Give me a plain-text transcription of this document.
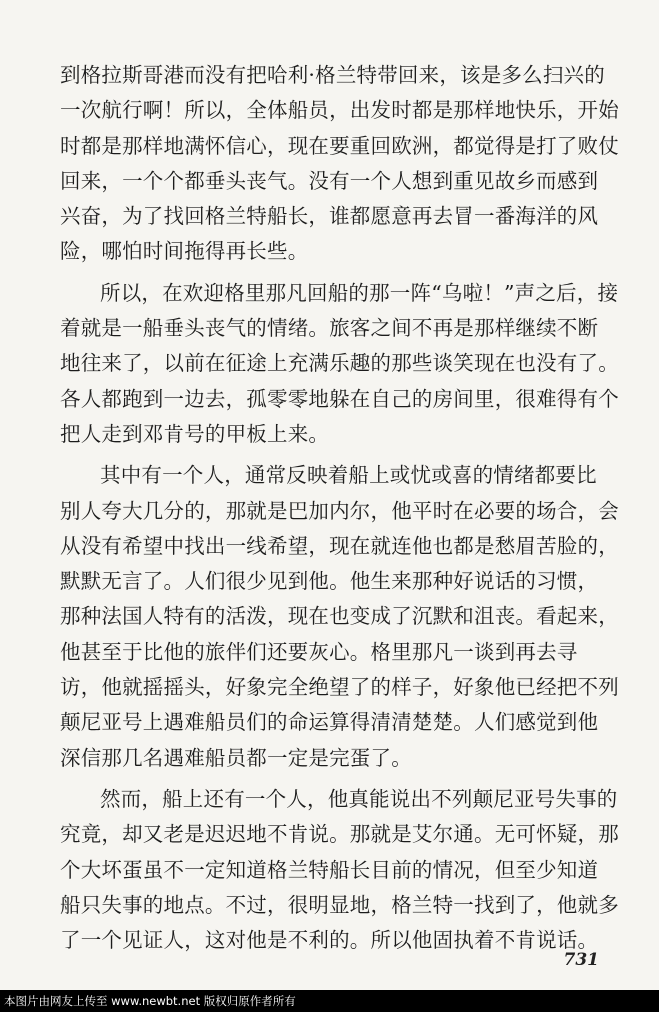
到格拉斯哥港而没有把哈利·格兰特带回来，该是多么扫兴的
一次航行啊！所以，全体船员，出发时都是那样地快乐，开始
时都是那样地满怀信心，现在要重回欧洲，都觉得是打了败仗
回来，一个个都垂头丧气。没有一个人想到重见故乡而感到
兴奋，为了找回格兰特船长，谁都愿意再去冒一番海洋的风
险，哪怕时间拖得再长些。
所以，在欢迎格里那凡回船的那一阵“乌啦！”声之后，接
着就是一船垂头丧气的情绪。旅客之间不再是那样继续不断
地往来了，以前在征途上充满乐趣的那些谈笑现在也没有了。
各人都跑到一边去，孤零零地躲在自己的房间里，很难得有个
把人走到邓肯号的甲板上来。
其中有一个人，通常反映着船上或忧或喜的情绪都要比
别人夸大几分的，那就是巴加内尔，他平时在必要的场合，会
从没有希望中找出一线希望，现在就连他也都是愁眉苦脸的，
默默无言了。人们很少见到他。他生来那种好说话的习惯，
那种法国人特有的活泼，现在也变成了沉默和沮丧。看起来，
他甚至于比他的旅伴们还要灰心。格里那凡一谈到再去寻
访，他就摇摇头，好象完全绝望了的样子，好象他已经把不列
颠尼亚号上遇难船员们的命运算得清清楚楚。人们感觉到他
深信那几名遇难船员都一定是完蛋了。
然而，船上还有一个人，他真能说出不列颠尼亚号失事的
究竟，却又老是迟迟地不肯说。那就是艾尔通。无可怀疑，那
个大坏蛋虽不一定知道格兰特船长目前的情况，但至少知道
船只失事的地点。不过，很明显地，格兰特一找到了，他就多
了一个见证人，这对他是不利的。所以他固执着不肯说话。
731
本图片由网友上传至 www.newbt.net 版权归原作者所有
